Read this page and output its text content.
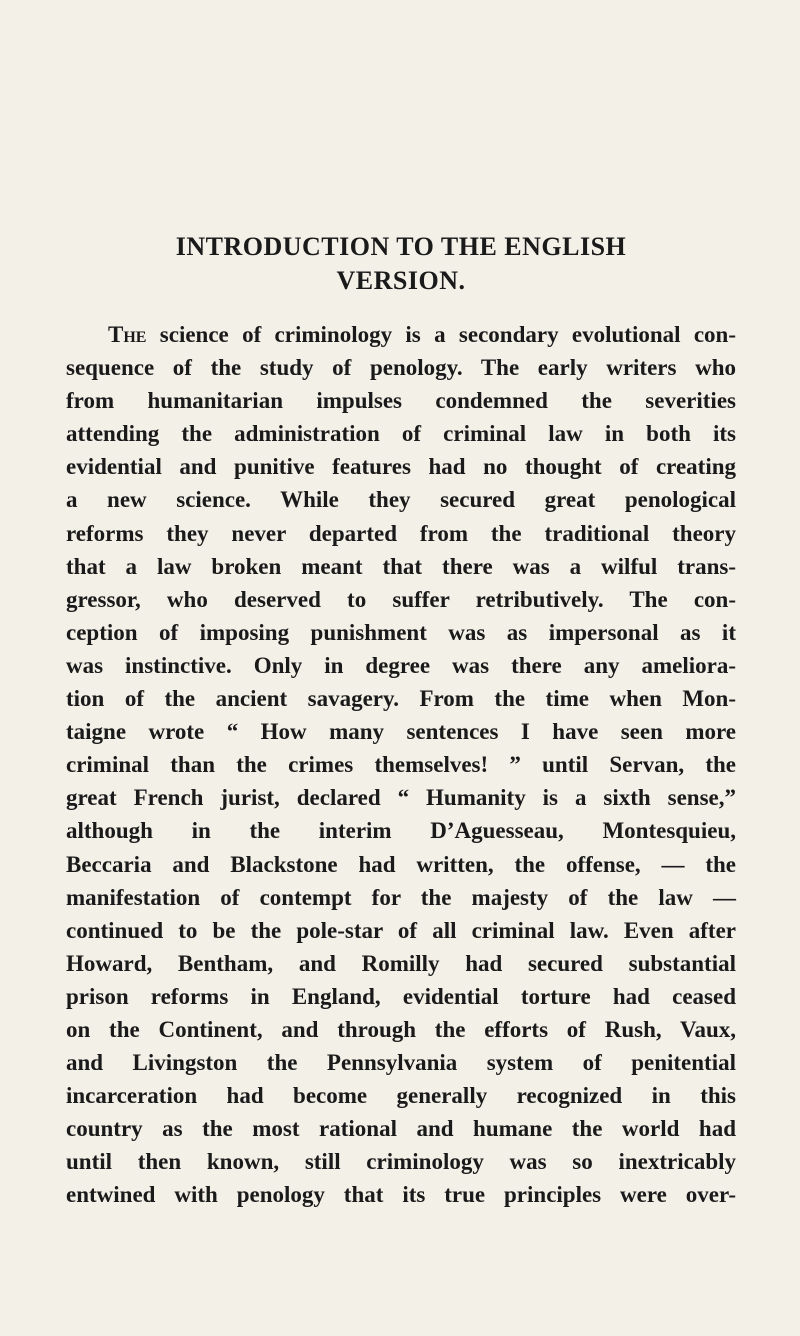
INTRODUCTION TO THE ENGLISH
VERSION.
The science of criminology is a secondary evolutional con-
sequence of the study of penology. The early writers who
from humanitarian impulses condemned the severities
attending the administration of criminal law in both its
evidential and punitive features had no thought of creating
a new science. While they secured great penological
reforms they never departed from the traditional theory
that a law broken meant that there was a wilful trans-
gressor, who deserved to suffer retributively. The con-
ception of imposing punishment was as impersonal as it
was instinctive. Only in degree was there any ameliora-
tion of the ancient savagery. From the time when Mon-
taigne wrote “ How many sentences I have seen more
criminal than the crimes themselves! ” until Servan, the
great French jurist, declared “ Humanity is a sixth sense,”
although in the interim D’Aguesseau, Montesquieu,
Beccaria and Blackstone had written, the offense, — the
manifestation of contempt for the majesty of the law —
continued to be the pole-star of all criminal law. Even after
Howard, Bentham, and Romilly had secured substantial
prison reforms in England, evidential torture had ceased
on the Continent, and through the efforts of Rush, Vaux,
and Livingston the Pennsylvania system of penitential
incarceration had become generally recognized in this
country as the most rational and humane the world had
until then known, still criminology was so inextricably
entwined with penology that its true principles were over-
